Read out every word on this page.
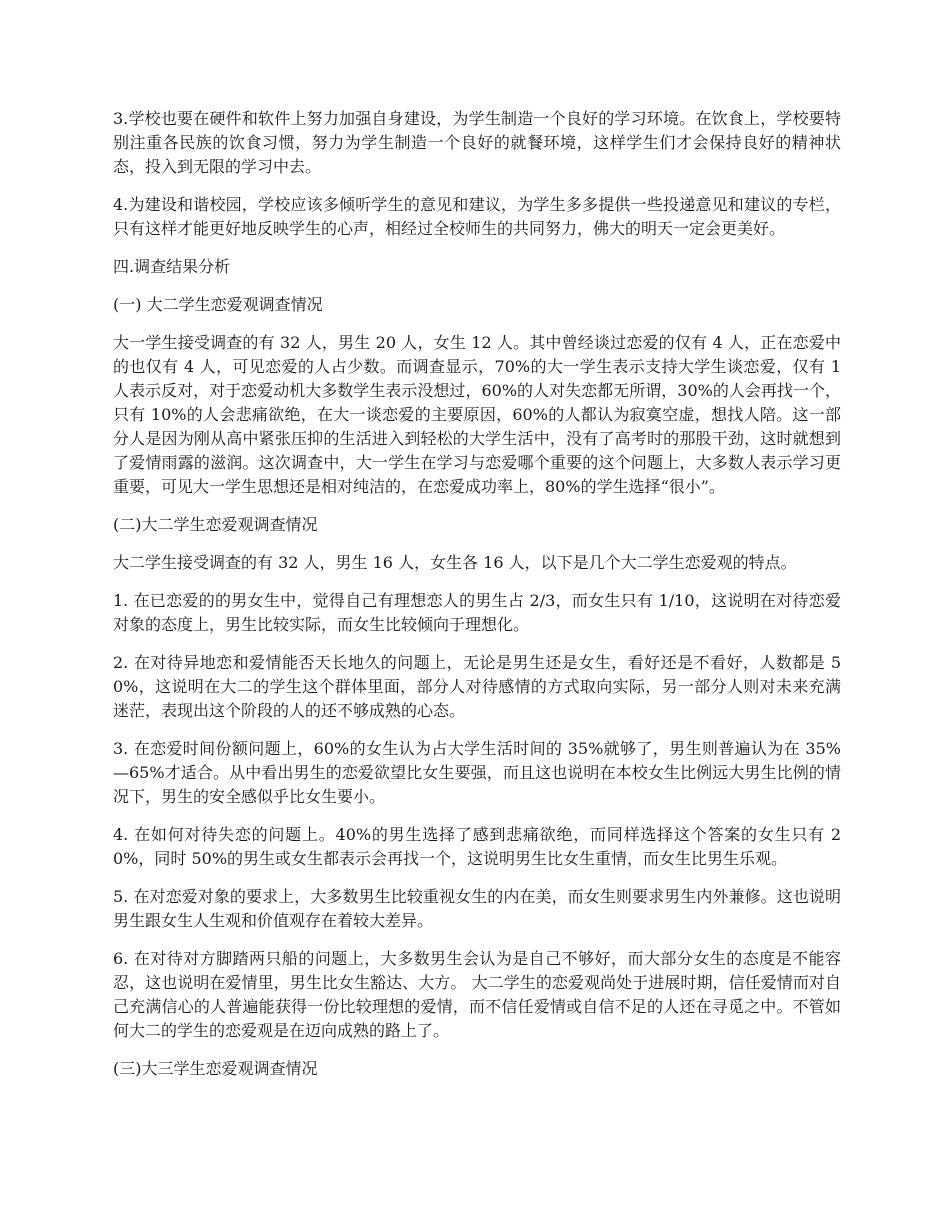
3.学校也要在硬件和软件上努力加强自身建设，为学生制造一个良好的学习环境。在饮食上，学校要特别注重各民族的饮食习惯，努力为学生制造一个良好的就餐环境，这样学生们才会保持良好的精神状态，投入到无限的学习中去。

4.为建设和谐校园，学校应该多倾听学生的意见和建议，为学生多多提供一些投递意见和建议的专栏，只有这样才能更好地反映学生的心声，相经过全校师生的共同努力，佛大的明天一定会更美好。

四.调查结果分析

(一) 大二学生恋爱观调查情况

大一学生接受调查的有 32 人，男生 20 人，女生 12 人。其中曾经谈过恋爱的仅有 4 人，正在恋爱中的也仅有 4 人，可见恋爱的人占少数。而调查显示，70%的大一学生表示支持大学生谈恋爱，仅有 1 人表示反对，对于恋爱动机大多数学生表示没想过，60%的人对失恋都无所谓，30%的人会再找一个，只有 10%的人会悲痛欲绝，在大一谈恋爱的主要原因，60%的人都认为寂寞空虚，想找人陪。这一部分人是因为刚从高中紧张压抑的生活进入到轻松的大学生活中，没有了高考时的那股干劲，这时就想到了爱情雨露的滋润。这次调查中，大一学生在学习与恋爱哪个重要的这个问题上，大多数人表示学习更重要，可见大一学生思想还是相对纯洁的，在恋爱成功率上，80%的学生选择“很小”。

(二)大二学生恋爱观调查情况

大二学生接受调查的有 32 人，男生 16 人，女生各 16 人，以下是几个大二学生恋爱观的特点。

1. 在已恋爱的的男女生中，觉得自己有理想恋人的男生占 2/3，而女生只有 1/10，这说明在对待恋爱对象的态度上，男生比较实际，而女生比较倾向于理想化。

2. 在对待异地恋和爱情能否天长地久的问题上，无论是男生还是女生，看好还是不看好，人数都是 50%，这说明在大二的学生这个群体里面，部分人对待感情的方式取向实际，另一部分人则对未来充满迷茫，表现出这个阶段的人的还不够成熟的心态。

3. 在恋爱时间份额问题上，60%的女生认为占大学生活时间的 35%就够了，男生则普遍认为在 35%—65%才适合。从中看出男生的恋爱欲望比女生要强，而且这也说明在本校女生比例远大男生比例的情况下，男生的安全感似乎比女生要小。

4. 在如何对待失恋的问题上。40%的男生选择了感到悲痛欲绝，而同样选择这个答案的女生只有 20%，同时 50%的男生或女生都表示会再找一个，这说明男生比女生重情，而女生比男生乐观。

5. 在对恋爱对象的要求上，大多数男生比较重视女生的内在美，而女生则要求男生内外兼修。这也说明男生跟女生人生观和价值观存在着较大差异。

6. 在对待对方脚踏两只船的问题上，大多数男生会认为是自己不够好，而大部分女生的态度是不能容忍，这也说明在爱情里，男生比女生豁达、大方。 大二学生的恋爱观尚处于进展时期，信任爱情而对自己充满信心的人普遍能获得一份比较理想的爱情，而不信任爱情或自信不足的人还在寻觅之中。不管如何大二的学生的恋爱观是在迈向成熟的路上了。

(三)大三学生恋爱观调查情况
